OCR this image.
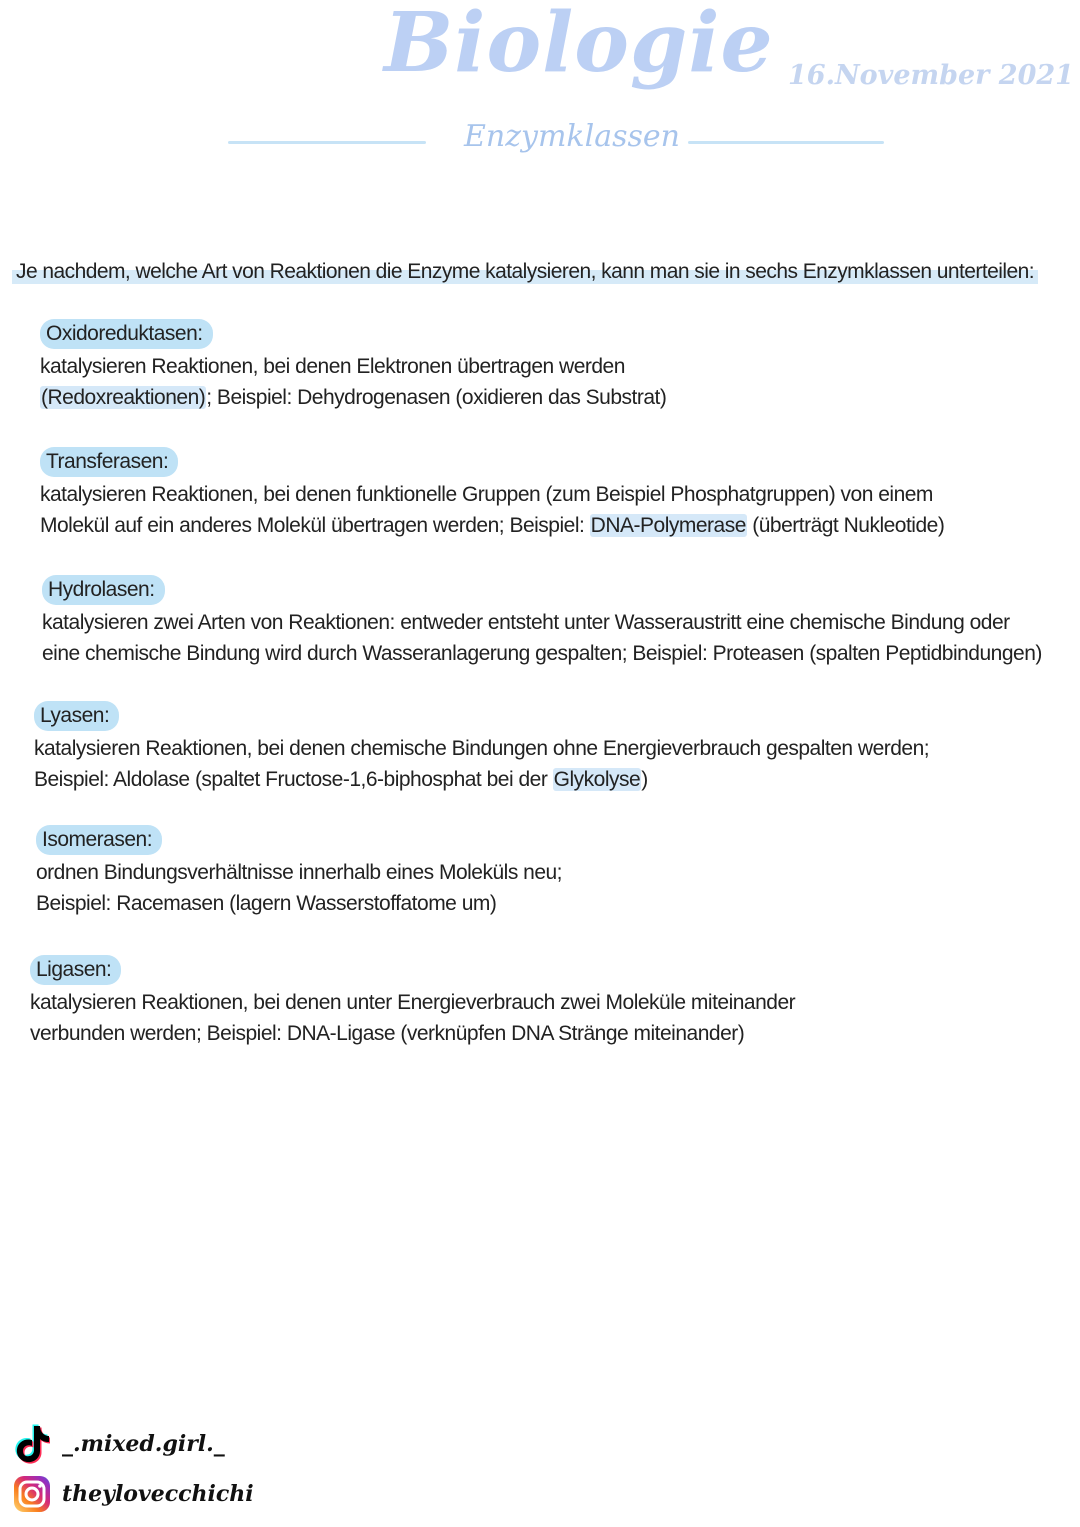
Biologie 16.November 2021
Enzymklassen
Je nachdem, welche Art von Reaktionen die Enzyme katalysieren, kann man sie in sechs Enzymklassen unterteilen:
Oxidoreduktasen:
katalysieren Reaktionen, bei denen Elektronen übertragen werden
(Redoxreaktionen); Beispiel: Dehydrogenasen (oxidieren das Substrat)
Transferasen:
katalysieren Reaktionen, bei denen funktionelle Gruppen (zum Beispiel Phosphatgruppen) von einem
Molekül auf ein anderes Molekül übertragen werden; Beispiel: DNA-Polymerase (überträgt Nukleotide)
Hydrolasen:
katalysieren zwei Arten von Reaktionen: entweder entsteht unter Wasseraustritt eine chemische Bindung oder
eine chemische Bindung wird durch Wasseranlagerung gespalten; Beispiel: Proteasen (spalten Peptidbindungen)
Lyasen:
katalysieren Reaktionen, bei denen chemische Bindungen ohne Energieverbrauch gespalten werden;
Beispiel: Aldolase (spaltet Fructose-1,6-biphosphat bei der Glykolyse)
Isomerasen:
ordnen Bindungsverhältnisse innerhalb eines Moleküls neu;
Beispiel: Racemasen (lagern Wasserstoffatome um)
Ligasen:
katalysieren Reaktionen, bei denen unter Energieverbrauch zwei Moleküle miteinander
verbunden werden; Beispiel: DNA-Ligase (verknüpfen DNA Stränge miteinander)
_.mixed.girl._
theylovecchichi
